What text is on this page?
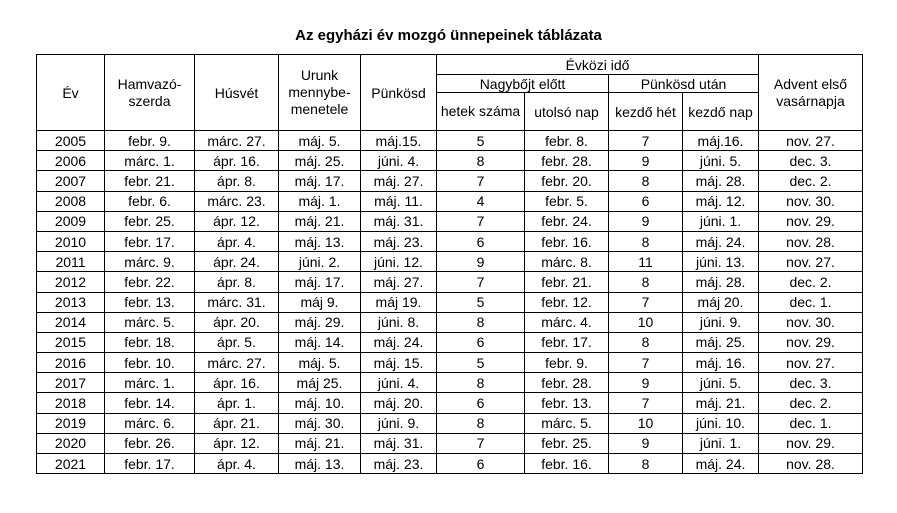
Az egyházi év mozgó ünnepeinek táblázata
Év	Hamvazó-szerda	Húsvét	Urunk mennybe-menetele	Pünkösd	Évközi idő				Advent első vasárnapja
					Nagybőjt előtt		Pünkösd után		
					hetek száma	utolsó nap	kezdő hét	kezdő nap	
2005	febr. 9.	márc. 27.	máj. 5.	máj.15.	5	febr. 8.	7	máj.16.	nov. 27.
2006	márc. 1.	ápr. 16.	máj. 25.	júni. 4.	8	febr. 28.	9	júni. 5.	dec. 3.
2007	febr. 21.	ápr. 8.	máj. 17.	máj. 27.	7	febr. 20.	8	máj. 28.	dec. 2.
2008	febr. 6.	márc. 23.	máj. 1.	máj. 11.	4	febr. 5.	6	máj. 12.	nov. 30.
2009	febr. 25.	ápr. 12.	máj. 21.	máj. 31.	7	febr. 24.	9	júni. 1.	nov. 29.
2010	febr. 17.	ápr. 4.	máj. 13.	máj. 23.	6	febr. 16.	8	máj. 24.	nov. 28.
2011	márc. 9.	ápr. 24.	júni. 2.	júni. 12.	9	márc. 8.	11	júni. 13.	nov. 27.
2012	febr. 22.	ápr. 8.	máj. 17.	máj. 27.	7	febr. 21.	8	máj. 28.	dec. 2.
2013	febr. 13.	márc. 31.	máj 9.	máj 19.	5	febr. 12.	7	máj 20.	dec. 1.
2014	márc. 5.	ápr. 20.	máj. 29.	júni. 8.	8	márc. 4.	10	júni. 9.	nov. 30.
2015	febr. 18.	ápr. 5.	máj. 14.	máj. 24.	6	febr. 17.	8	máj. 25.	nov. 29.
2016	febr. 10.	márc. 27.	máj. 5.	máj. 15.	5	febr. 9.	7	máj. 16.	nov. 27.
2017	márc. 1.	ápr. 16.	máj 25.	júni. 4.	8	febr. 28.	9	júni. 5.	dec. 3.
2018	febr. 14.	ápr. 1.	máj. 10.	máj. 20.	6	febr. 13.	7	máj. 21.	dec. 2.
2019	márc. 6.	ápr. 21.	máj. 30.	júni. 9.	8	márc. 5.	10	júni. 10.	dec. 1.
2020	febr. 26.	ápr. 12.	máj. 21.	máj. 31.	7	febr. 25.	9	júni. 1.	nov. 29.
2021	febr. 17.	ápr. 4.	máj. 13.	máj. 23.	6	febr. 16.	8	máj. 24.	nov. 28.
